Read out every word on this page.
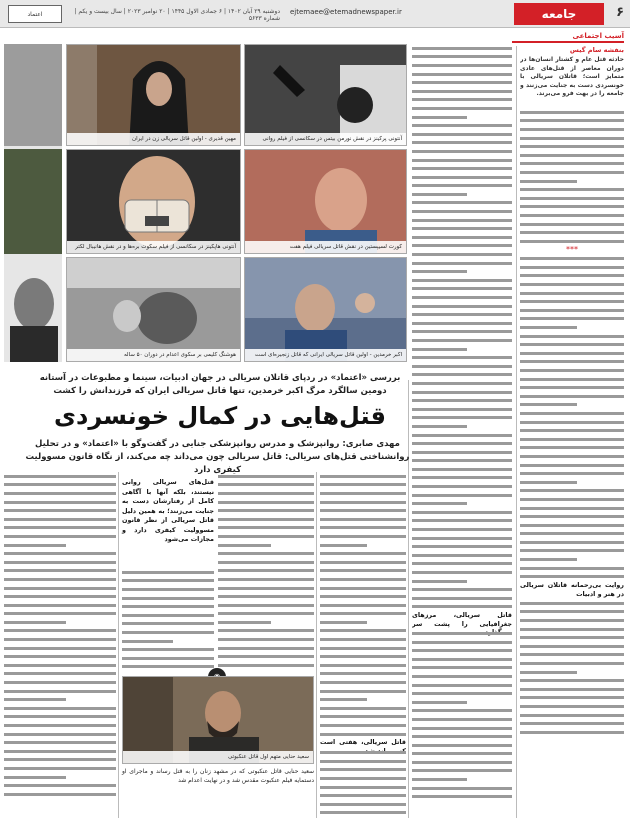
۶
جامعه
ejtemaee@etemadnewspaper.ir
دوشنبه ۲۹ آبان ۱۴۰۲ | ۶ جمادی الاول ۱۴۴۵ | ۲۰ نوامبر ۲۰۲۳ | سال بیست و یکم | شماره ۵۶۳۳
اعتماد
آسیب اجتماعی
بنفشه سام گیس
حادثه قتل عام و کشتار انسان‌ها در دوران معاصر از قتل‌های عادی متمایز است؛ قاتلان سریالی با خونسردی دست به جنایت می‌زنند و جامعه را در بهت فرو می‌برند.
***
روایت بی‌رحمانه قاتلان سریالی در هنر و ادبیات
قاتل سریالی، مرزهای جغرافیایی را پشت سر
آنتونی پرکینز در نقش نورمن بیتس در سکانسی از فیلم روانی
مهین قدیری - اولین قاتل سریالی زن در ایران
کورت لسیپستین در نقش قاتل سریالی فیلم هفت
آنتونی هاپکینز در سکانسی از فیلم سکوت بره‌ها و در نقش هانیبال لکتر
اکبر خرمدین - اولین قاتل سریالی ایرانی که قاتل زنجیره‌ای است
هوشنگ کلیمی بر سکوی اعدام در دوران ۵۰ ساله
بررسی «اعتماد» در ردپای قاتلان سریالی در جهان ادبیات، سینما و مطبوعات در آستانه دومین سالگرد مرگ اکبر خرمدین، تنها قاتل سریالی ایران که فرزندانش را کشت
قتل‌هایی در کمال خونسردی
مهدی صابری: روانپزشک و مدرس روانپزشکی جنایی در گفت‌وگو با «اعتماد» و در تحلیل روانشناختی قتل‌های سریالی: قاتل سریالی چون می‌داند چه می‌کند، از نگاه قانون مسوولیت کیفری دارد
قاتل سریالی، هفتی است
قتل‌های سریالی روانی نیستند، بلکه آنها با آگاهی کامل از رفتارشان دست به جنایت می‌زنند؛ به همین دلیل قاتل سریالی از نظر قانون مسوولیت کیفری دارد و مجازات می‌شود
سعید حنایی متهم اول قاتل عنکبوتی
سعید حنایی قاتل عنکبوتی که در مشهد زنان را به قتل رساند و ماجرای او دستمایه فیلم عنکبوت مقدس شد و در نهایت اعدام شد
